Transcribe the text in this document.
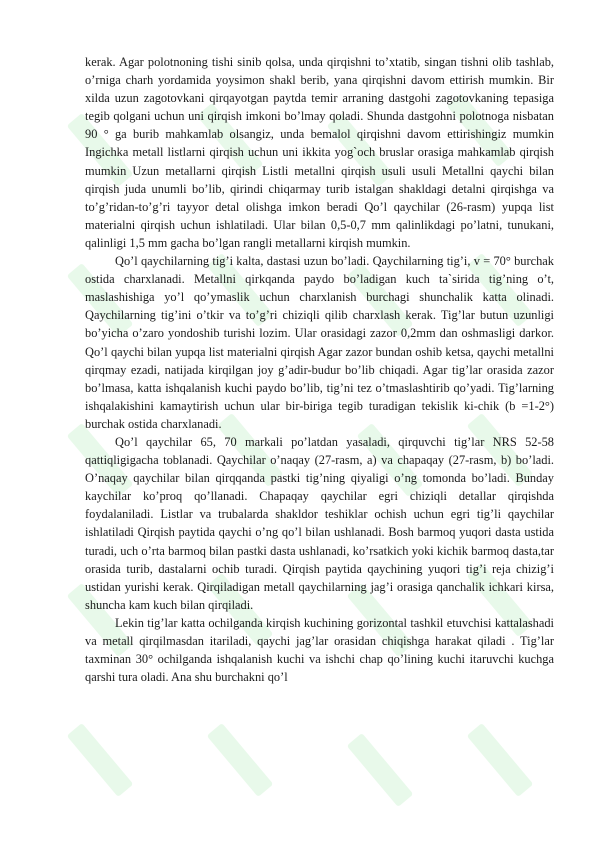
kerak. Agar polotnoning tishi sinib qolsa, unda qirqishni to’xtatib, singan tishni olib tashlab, o’rniga charh yordamida yoysimon shakl berib, yana qirqishni davom ettirish mumkin. Bir xilda uzun zagotovkani qirqayotgan paytda temir arraning dastgohi zagotovkaning tepasiga tegib qolgani uchun uni qirqish imkoni bo’lmay qoladi. Shunda dastgohni polotnoga nisbatan 90 ° ga burib mahkamlab olsangiz, unda bemalol qirqishni davom ettirishingiz mumkin Ingichka metall listlarni qirqish uchun uni ikkita yog`och bruslar orasiga mahkamlab qirqish mumkin Uzun metallarni qirqish Listli metallni qirqish usuli usuli Metallni qaychi bilan qirqish juda unumli bo’lib, qirindi chiqarmay turib istalgan shakldagi detalni qirqishga va to’g’ridan-to’g’ri tayyor detal olishga imkon beradi Qo’l qaychilar (26-rasm) yupqa list materialni qirqish uchun ishlatiladi. Ular bilan 0,5-0,7 mm qalinlikdagi po’latni, tunukani, qalinligi 1,5 mm gacha bo’lgan rangli metallarni kirqish mumkin.

Qo’l qaychilarning tig’i kalta, dastasi uzun bo’ladi. Qaychilarning tig’i, v = 70° burchak ostida charxlanadi. Metallni qirkqanda paydo bo’ladigan kuch ta`sirida tig’ning o’t, maslashishiga yo’l qo’ymaslik uchun charxlanish burchagi shunchalik katta olinadi. Qaychilarning tig’ini o’tkir va to’g’ri chiziqli qilib charxlash kerak. Tig’lar butun uzunligi bo’yicha o’zaro yondoshib turishi lozim. Ular orasidagi zazor 0,2mm dan oshmasligi darkor. Qo’l qaychi bilan yupqa list materialni qirqish Agar zazor bundan oshib ketsa, qaychi metallni qirqmay ezadi, natijada kirqilgan joy g’adir-budur bo’lib chiqadi. Agar tig’lar orasida zazor bo’lmasa, katta ishqalanish kuchi paydo bo’lib, tig’ni tez o’tmaslashtirib qo’yadi. Tig’larning ishqalakishini kamaytirish uchun ular bir-biriga tegib turadigan tekislik ki-chik (b =1-2°) burchak ostida charxlanadi.

Qo’l qaychilar 65, 70 markali po’latdan yasaladi, qirquvchi tig’lar NRS 52-58 qattiqligigacha toblanadi. Qaychilar o’naqay (27-rasm, a) va chapaqay (27-rasm, b) bo’ladi. O’naqay qaychilar bilan qirqqanda pastki tig’ning qiyaligi o’ng tomonda bo’ladi. Bunday kaychilar ko’proq qo’llanadi. Chapaqay qaychilar egri chiziqli detallar qirqishda foydalaniladi. Listlar va trubalarda shakldor teshiklar ochish uchun egri tig’li qaychilar ishlatiladi Qirqish paytida qaychi o’ng qo’l bilan ushlanadi. Bosh barmoq yuqori dasta ustida turadi, uch o’rta barmoq bilan pastki dasta ushlanadi, ko’rsatkich yoki kichik barmoq dasta,tar orasida turib, dastalarni ochib turadi. Qirqish paytida qaychining yuqori tig’i reja chizig’i ustidan yurishi kerak. Qirqiladigan metall qaychilarning jag’i orasiga qanchalik ichkari kirsa, shuncha kam kuch bilan qirqiladi.

Lekin tig’lar katta ochilganda kirqish kuchining gorizontal tashkil etuvchisi kattalashadi va metall qirqilmasdan itariladi, qaychi jag’lar orasidan chiqishga harakat qiladi . Tig’lar taxminan 30° ochilganda ishqalanish kuchi va ishchi chap qo’lining kuchi itaruvchi kuchga qarshi tura oladi. Ana shu burchakni qo’l
